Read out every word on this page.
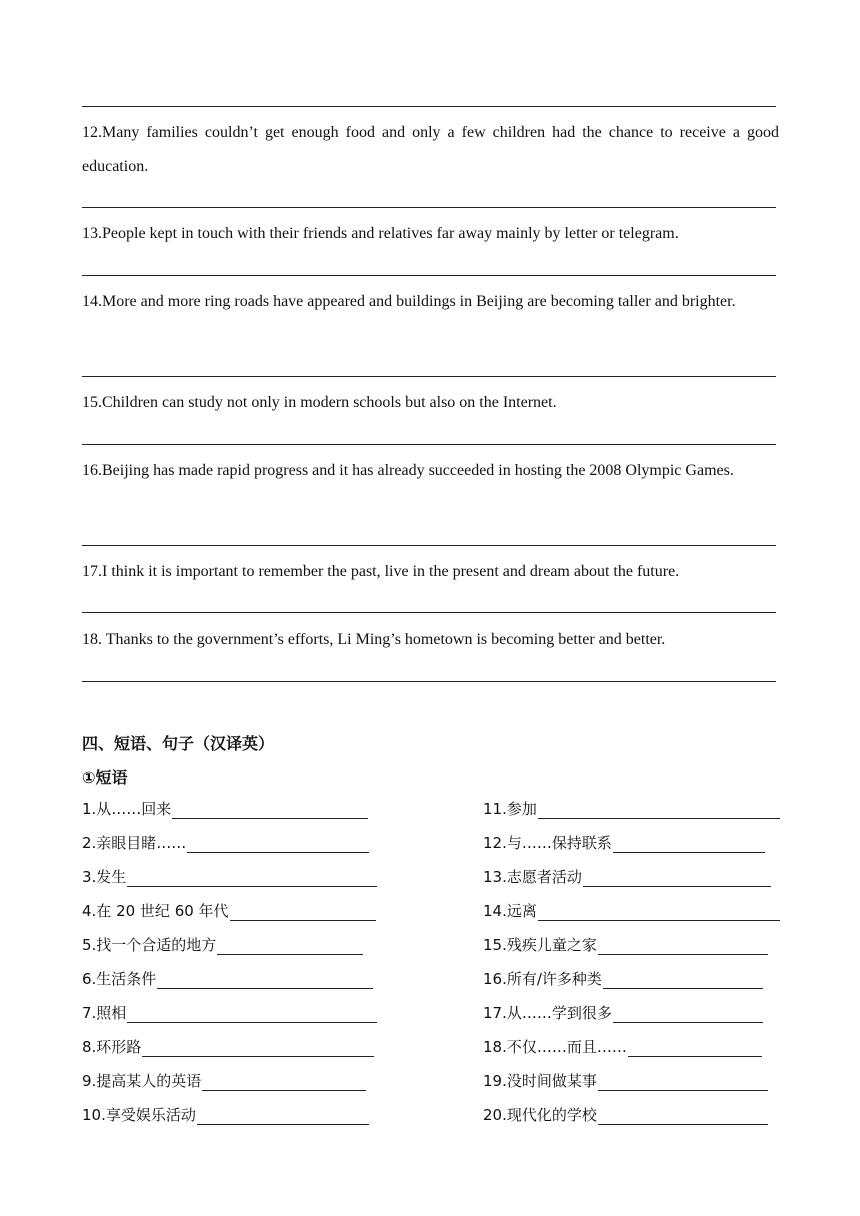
12.Many families couldn’t get enough food and only a few children had the chance to receive a good education.
13.People kept in touch with their friends and relatives far away mainly by letter or telegram.
14.More and more ring roads have appeared and buildings in Beijing are becoming taller and brighter.
15.Children can study not only in modern schools but also on the Internet.
16.Beijing has made rapid progress and it has already succeeded in hosting the 2008 Olympic Games.
17.I think it is important to remember the past, live in the present and dream about the future.
18. Thanks to the government’s efforts, Li Ming’s hometown is becoming better and better.
四、短语、句子（汉译英）
①短语
1.从……回来
2.亲眼目睹……
3.发生
4.在 20 世纪 60 年代
5.找一个合适的地方
6.生活条件
7.照相
8.环形路
9.提高某人的英语
10.享受娱乐活动
11.参加
12.与……保持联系
13.志愿者活动
14.远离
15.残疾儿童之家
16.所有/许多种类
17.从……学到很多
18.不仅……而且……
19.没时间做某事
20.现代化的学校
